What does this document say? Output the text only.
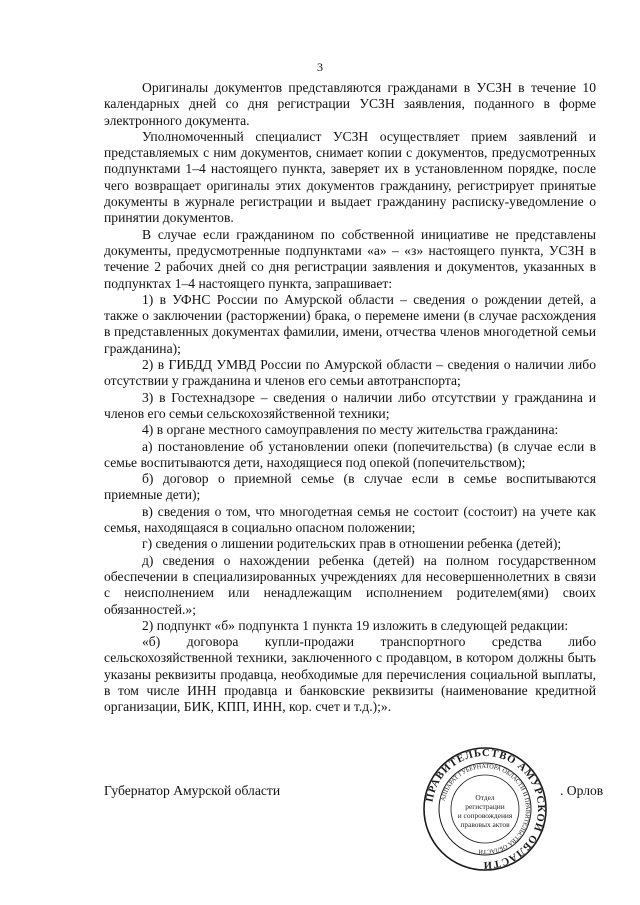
3

Оригиналы документов представляются гражданами в УСЗН в течение 10 календарных дней со дня регистрации УСЗН заявления, поданного в форме электронного документа.

Уполномоченный специалист УСЗН осуществляет прием заявлений и представляемых с ним документов, снимает копии с документов, предусмотренных подпунктами 1–4 настоящего пункта, заверяет их в установленном порядке, после чего возвращает оригиналы этих документов гражданину, регистрирует принятые документы в журнале регистрации и выдает гражданину расписку-уведомление о принятии документов.

В случае если гражданином по собственной инициативе не представлены документы, предусмотренные подпунктами «а» – «з» настоящего пункта, УСЗН в течение 2 рабочих дней со дня регистрации заявления и документов, указанных в подпунктах 1–4 настоящего пункта, запрашивает:

1) в УФНС России по Амурской области – сведения о рождении детей, а также о заключении (расторжении) брака, о перемене имени (в случае расхождения в представленных документах фамилии, имени, отчества членов многодетной семьи гражданина);

2) в ГИБДД УМВД России по Амурской области – сведения о наличии либо отсутствии у гражданина и членов его семьи автотранспорта;

3) в Гостехнадзоре – сведения о наличии либо отсутствии у гражданина и членов его семьи сельскохозяйственной техники;

4) в органе местного самоуправления по месту жительства гражданина:

а) постановление об установлении опеки (попечительства) (в случае если в семье воспитываются дети, находящиеся под опекой (попечительством);

б) договор о приемной семье (в случае если в семье воспитываются приемные дети);

в) сведения о том, что многодетная семья не состоит (состоит) на учете как семья, находящаяся в социально опасном положении;

г) сведения о лишении родительских прав в отношении ребенка (детей);

д) сведения о нахождении ребенка (детей) на полном государственном обеспечении в специализированных учреждениях для несовершеннолетних в связи с неисполнением или ненадлежащим исполнением родителем(ями) своих обязанностей.»;

2) подпункт «б» подпункта 1 пункта 19 изложить в следующей редакции:

«б) договора купли-продажи транспортного средства либо сельскохозяйственной техники, заключенного с продавцом, в котором должны быть указаны реквизиты продавца, необходимые для перечисления социальной выплаты, в том числе ИНН продавца и банковские реквизиты (наименование кредитной организации, БИК, КПП, ИНН, кор. счет и т.д.);».

Губернатор Амурской области	ПРАВИТЕЛЬСТВО АМУРСКОЙ ОБЛАСТИ
АППАРАТ ГУБЕРНАТОРА ОБЛАСТИ И ПРАВИТЕЛЬСТВА ОБЛАСТИ
Отдел
регистрации
и сопровождения
правовых актов
. Орлов
